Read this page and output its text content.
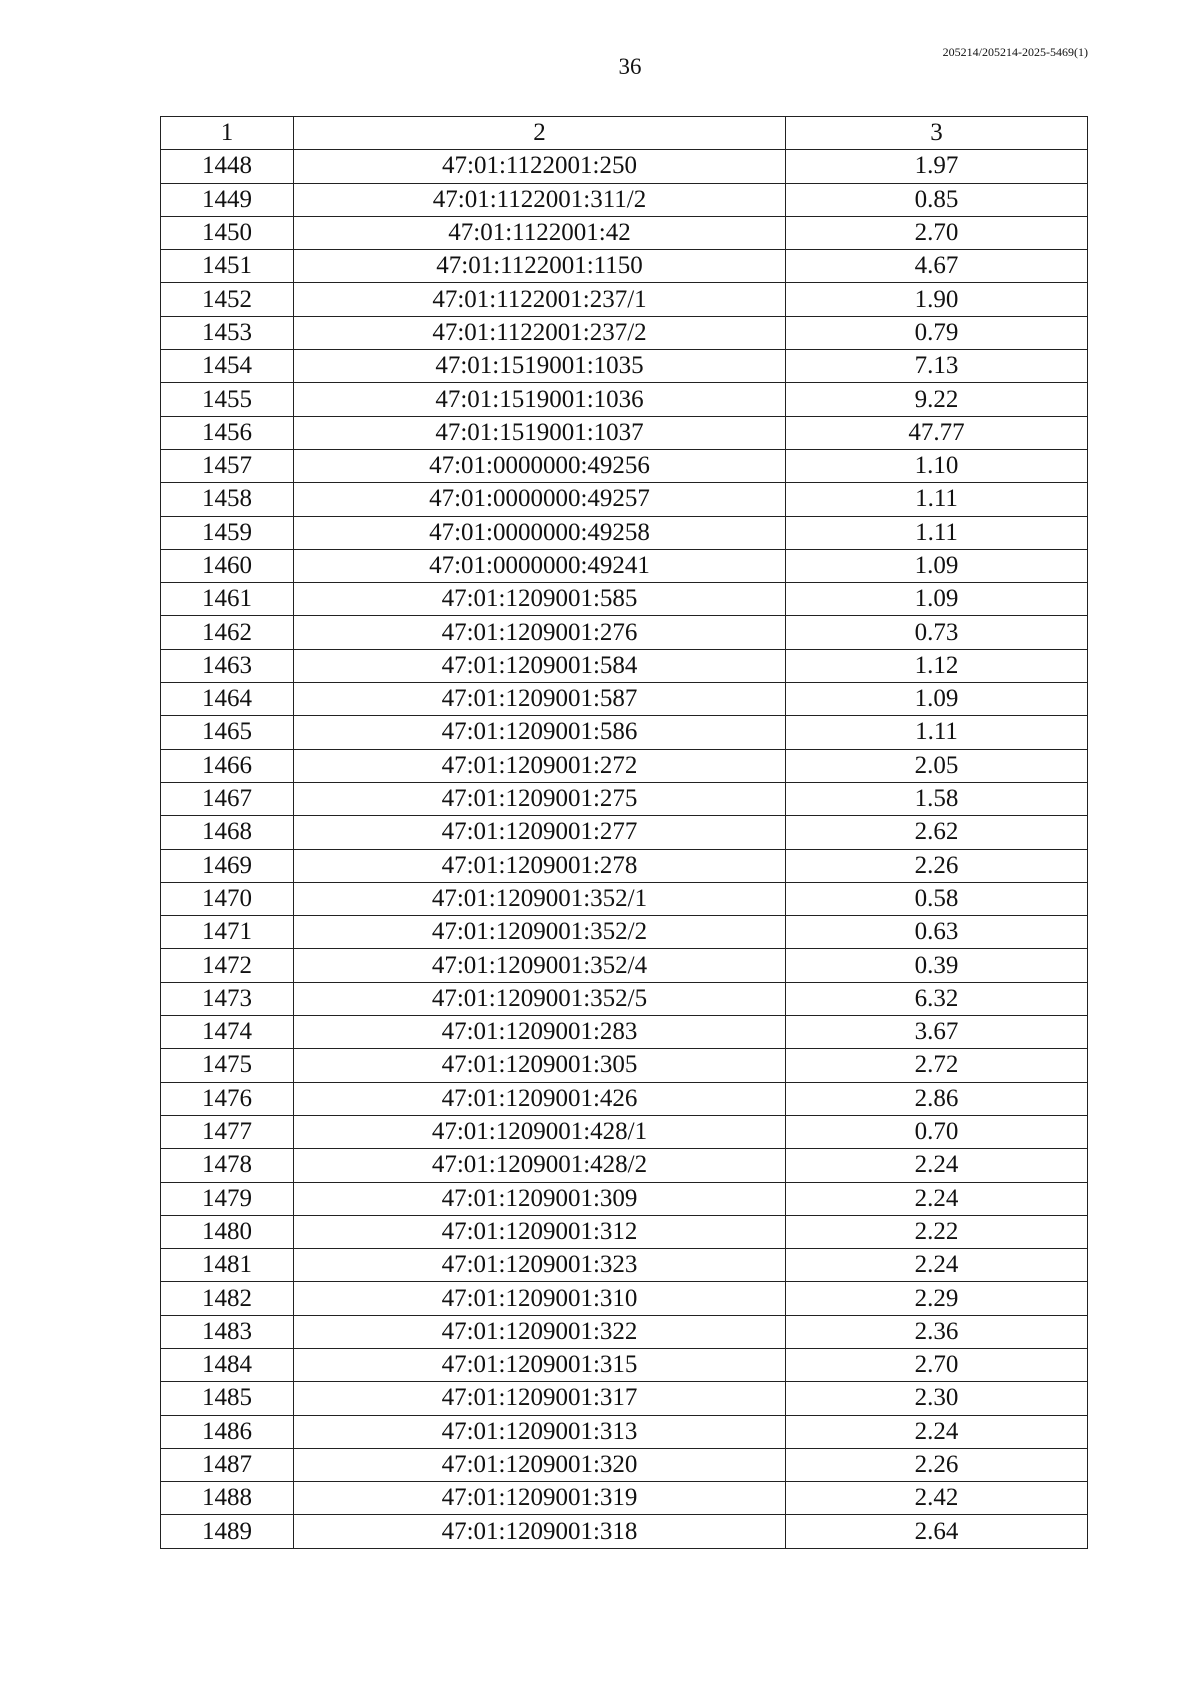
36
205214/205214-2025-5469(1)
1	2	3
1448	47:01:1122001:250	1.97
1449	47:01:1122001:311/2	0.85
1450	47:01:1122001:42	2.70
1451	47:01:1122001:1150	4.67
1452	47:01:1122001:237/1	1.90
1453	47:01:1122001:237/2	0.79
1454	47:01:1519001:1035	7.13
1455	47:01:1519001:1036	9.22
1456	47:01:1519001:1037	47.77
1457	47:01:0000000:49256	1.10
1458	47:01:0000000:49257	1.11
1459	47:01:0000000:49258	1.11
1460	47:01:0000000:49241	1.09
1461	47:01:1209001:585	1.09
1462	47:01:1209001:276	0.73
1463	47:01:1209001:584	1.12
1464	47:01:1209001:587	1.09
1465	47:01:1209001:586	1.11
1466	47:01:1209001:272	2.05
1467	47:01:1209001:275	1.58
1468	47:01:1209001:277	2.62
1469	47:01:1209001:278	2.26
1470	47:01:1209001:352/1	0.58
1471	47:01:1209001:352/2	0.63
1472	47:01:1209001:352/4	0.39
1473	47:01:1209001:352/5	6.32
1474	47:01:1209001:283	3.67
1475	47:01:1209001:305	2.72
1476	47:01:1209001:426	2.86
1477	47:01:1209001:428/1	0.70
1478	47:01:1209001:428/2	2.24
1479	47:01:1209001:309	2.24
1480	47:01:1209001:312	2.22
1481	47:01:1209001:323	2.24
1482	47:01:1209001:310	2.29
1483	47:01:1209001:322	2.36
1484	47:01:1209001:315	2.70
1485	47:01:1209001:317	2.30
1486	47:01:1209001:313	2.24
1487	47:01:1209001:320	2.26
1488	47:01:1209001:319	2.42
1489	47:01:1209001:318	2.64
